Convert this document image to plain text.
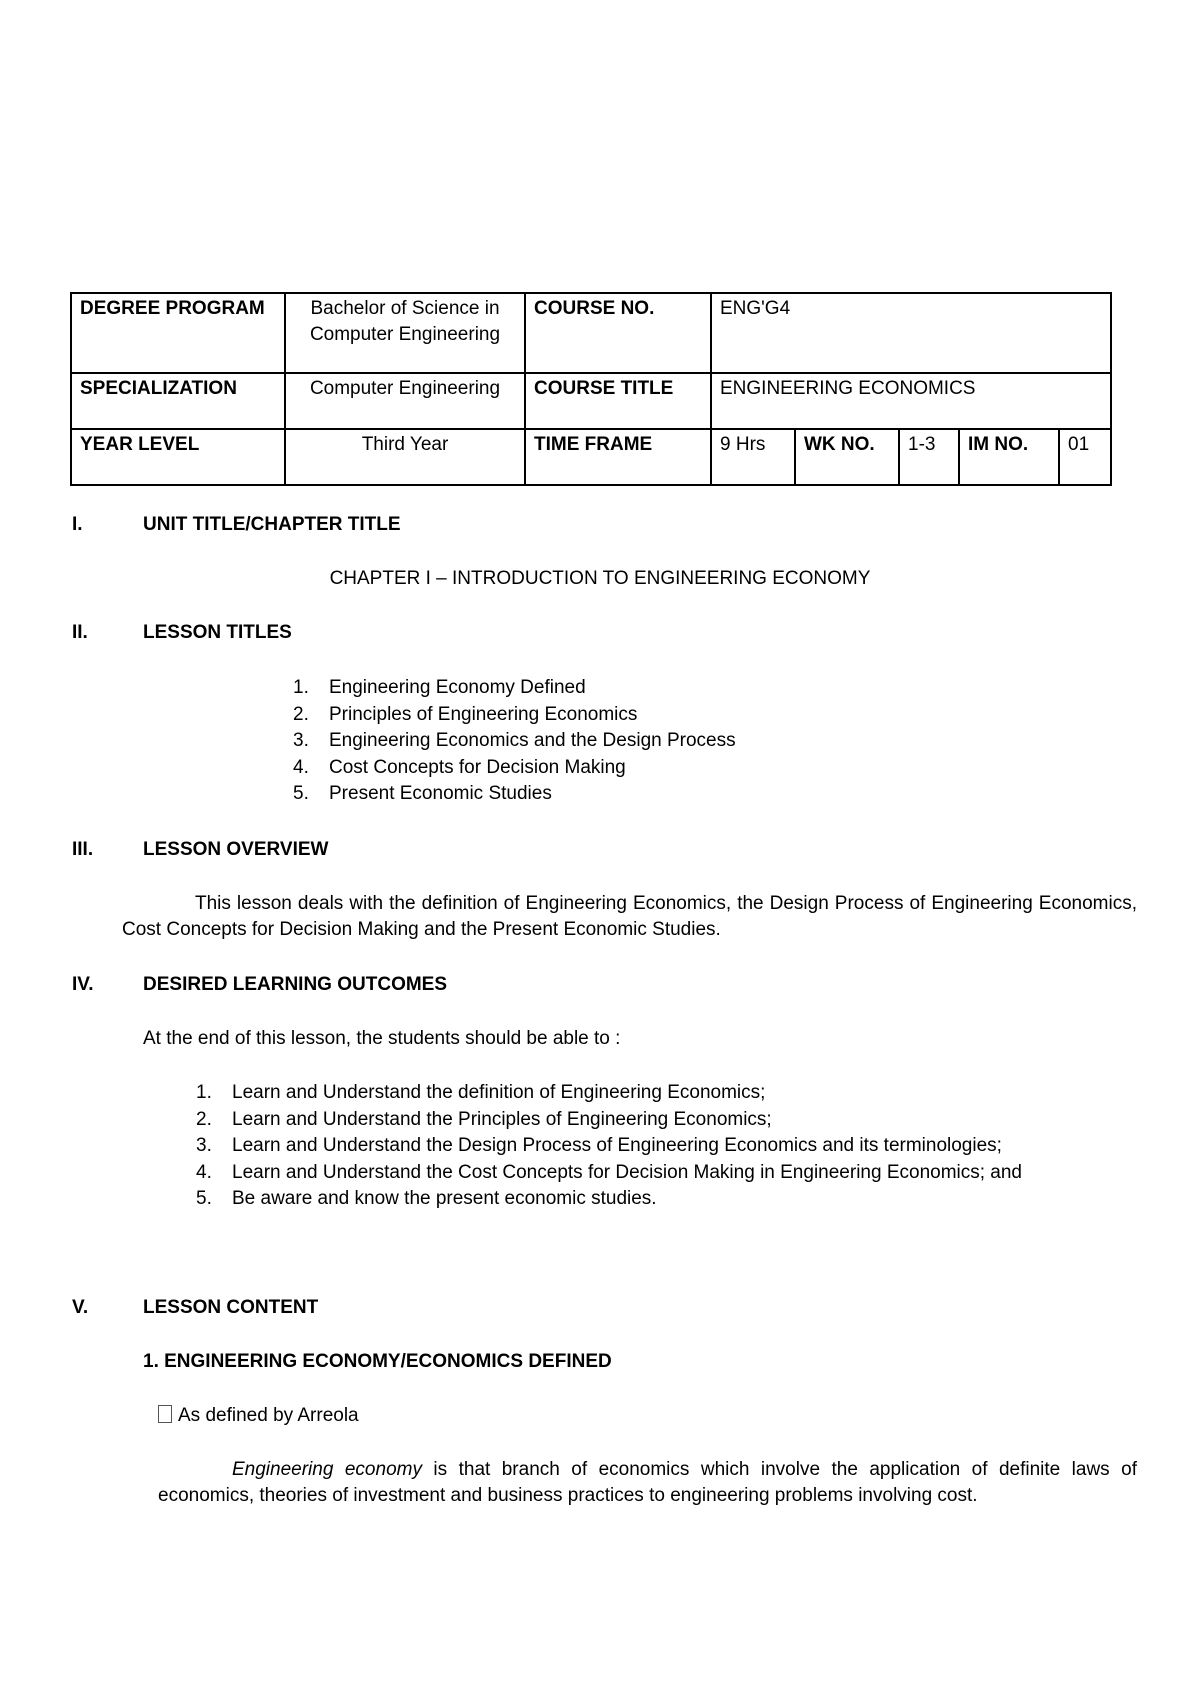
DEGREE PROGRAM	Bachelor of Science in Computer Engineering	COURSE NO.	ENG'G4				
SPECIALIZATION	Computer Engineering	COURSE TITLE	ENGINEERING ECONOMICS				
YEAR LEVEL	Third Year	TIME FRAME	9 Hrs	WK NO.	1-3	IM NO.	01
I.	UNIT TITLE/CHAPTER TITLE
CHAPTER I – INTRODUCTION TO ENGINEERING ECONOMY
II.	LESSON TITLES
1. Engineering Economy Defined
2. Principles of Engineering Economics
3. Engineering Economics and the Design Process
4. Cost Concepts for Decision Making
5. Present Economic Studies
III.	LESSON OVERVIEW
This lesson deals with the definition of Engineering Economics, the Design Process of Engineering Economics, Cost Concepts for Decision Making and the Present Economic Studies.
IV.	DESIRED LEARNING OUTCOMES
At the end of this lesson, the students should be able to :
1. Learn and Understand the definition of Engineering Economics;
2. Learn and Understand the Principles of Engineering Economics;
3. Learn and Understand the Design Process of Engineering Economics and its terminologies;
4. Learn and Understand the Cost Concepts for Decision Making in Engineering Economics; and
5. Be aware and know the present economic studies.
V.	LESSON CONTENT
1. ENGINEERING ECONOMY/ECONOMICS DEFINED
As defined by Arreola
Engineering economy is that branch of economics which involve the application of definite laws of economics, theories of investment and business practices to engineering problems involving cost.
